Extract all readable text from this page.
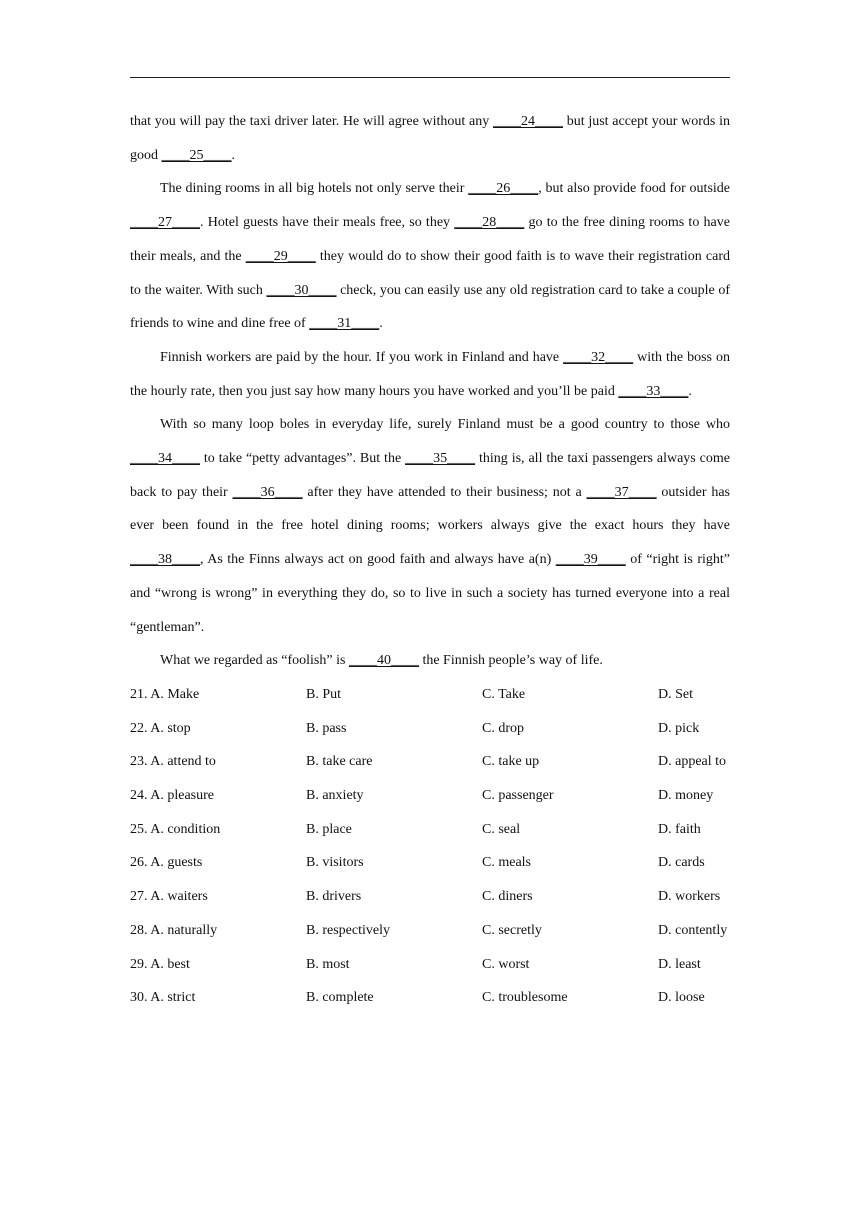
that you will pay the taxi driver later. He will agree without any ____24____ but just accept your words in good ____25____.
The dining rooms in all big hotels not only serve their ____26____, but also provide food for outside ____27____. Hotel guests have their meals free, so they ____28____ go to the free dining rooms to have their meals, and the ____29____ they would do to show their good faith is to wave their registration card to the waiter. With such ____30____ check, you can easily use any old registration card to take a couple of friends to wine and dine free of ____31____.
Finnish workers are paid by the hour. If you work in Finland and have ____32____ with the boss on the hourly rate, then you just say how many hours you have worked and you’ll be paid ____33____.
With so many loop boles in everyday life, surely Finland must be a good country to those who ____34____ to take “petty advantages”. But the ____35____ thing is, all the taxi passengers always come back to pay their ____36____ after they have attended to their business; not a ____37____ outsider has ever been found in the free hotel dining rooms; workers always give the exact hours they have ____38____, As the Finns always act on good faith and always have a(n) ____39____ of “right is right” and “wrong is wrong” in everything they do, so to live in such a society has turned everyone into a real “gentleman”.
What we regarded as “foolish” is ____40____ the Finnish people’s way of life.
21. A. Make	B. Put	C. Take	D. Set
22. A. stop	B. pass	C. drop	D. pick
23. A. attend to	B. take care	C. take up	D. appeal to
24. A. pleasure	B. anxiety	C. passenger	D. money
25. A. condition	B. place	C. seal	D. faith
26. A. guests	B. visitors	C. meals	D. cards
27. A. waiters	B. drivers	C. diners	D. workers
28. A. naturally	B. respectively	C. secretly	D. contently
29. A. best	B. most	C. worst	D. least
30. A. strict	B. complete	C. troublesome	D. loose
